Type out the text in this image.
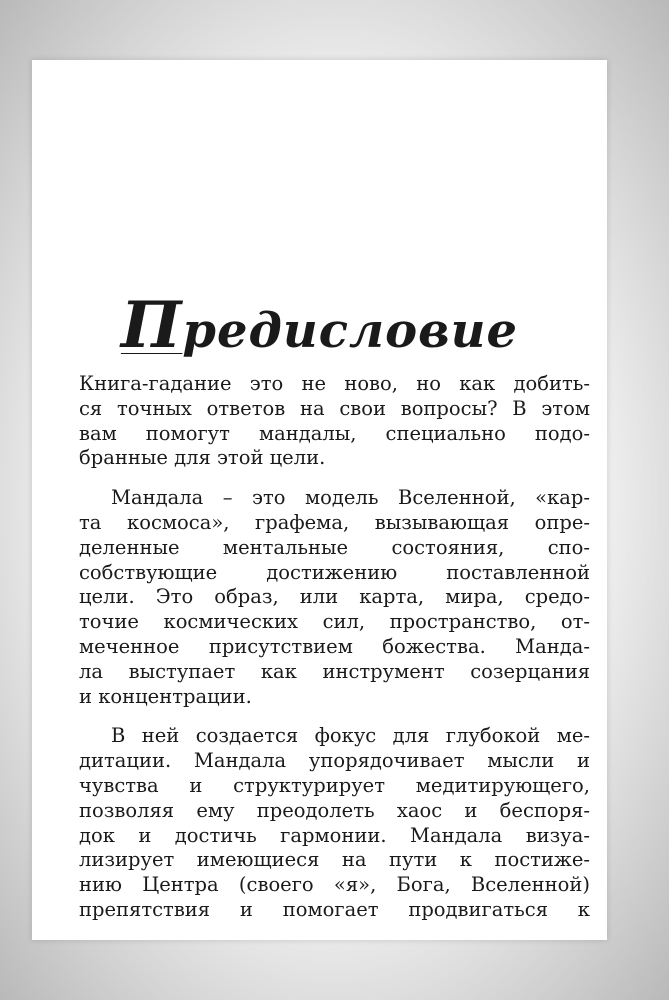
Предисловие

Книга-гадание это не ново, но как добить-
ся точных ответов на свои вопросы? В этом
вам помогут мандалы, специально подо-
бранные для этой цели.

Мандала – это модель Вселенной, «кар-
та космоса», графема, вызывающая опре-
деленные ментальные состояния, спо-
собствующие достижению поставленной
цели. Это образ, или карта, мира, средо-
точие космических сил, пространство, от-
меченное присутствием божества. Манда-
ла выступает как инструмент созерцания
и концентрации.

В ней создается фокус для глубокой ме-
дитации. Мандала упорядочивает мысли и
чувства и структурирует медитирующего,
позволяя ему преодолеть хаос и беспоря-
док и достичь гармонии. Мандала визуа-
лизирует имеющиеся на пути к постиже-
нию Центра (своего «я», Бога, Вселенной)
препятствия и помогает продвигаться к
